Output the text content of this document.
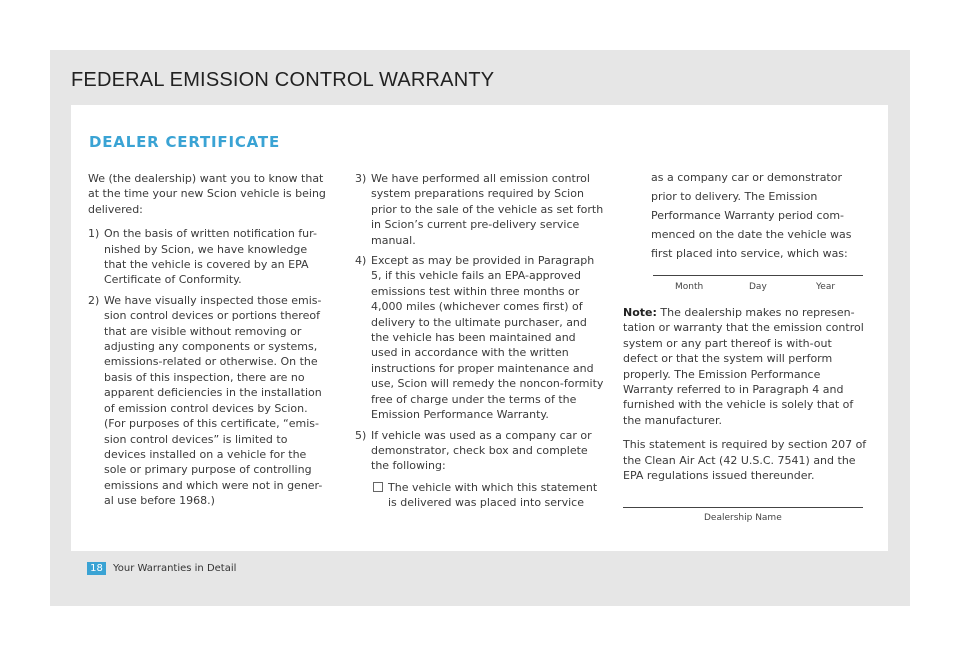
FEDERAL EMISSION CONTROL WARRANTY
DEALER CERTIFICATE

We (the dealership) want you to know that at the time your new Scion vehicle is being delivered:

1) On the basis of written notification fur-nished by Scion, we have knowledge that the vehicle is covered by an EPA Certificate of Conformity.
2) We have visually inspected those emis-sion control devices or portions thereof that are visible without removing or adjusting any components or systems, emissions-related or otherwise. On the basis of this inspection, there are no apparent deficiencies in the installation of emission control devices by Scion. (For purposes of this certificate, “emis-sion control devices” is limited to devices installed on a vehicle for the sole or primary purpose of controlling emissions and which were not in gener-al use before 1968.)
3) We have performed all emission control system preparations required by Scion prior to the sale of the vehicle as set forth in Scion’s current pre-delivery service manual.
4) Except as may be provided in Paragraph 5, if this vehicle fails an EPA-approved emissions test within three months or 4,000 miles (whichever comes first) of delivery to the ultimate purchaser, and the vehicle has been maintained and used in accordance with the written instructions for proper maintenance and use, Scion will remedy the noncon-formity free of charge under the terms of the Emission Performance Warranty.
5) If vehicle was used as a company car or demonstrator, check box and complete the following:
The vehicle with which this statement is delivered was placed into service

as a company car or demonstrator prior to delivery. The Emission Performance Warranty period com-menced on the date the vehicle was first placed into service, which was:

Month	Day	Year

Note: The dealership makes no represen-tation or warranty that the emission control system or any part thereof is with-out defect or that the system will perform properly. The Emission Performance Warranty referred to in Paragraph 4 and furnished with the vehicle is solely that of the manufacturer.

This statement is required by section 207 of the Clean Air Act (42 U.S.C. 7541) and the EPA regulations issued thereunder.

Dealership Name
18	Your Warranties in Detail
